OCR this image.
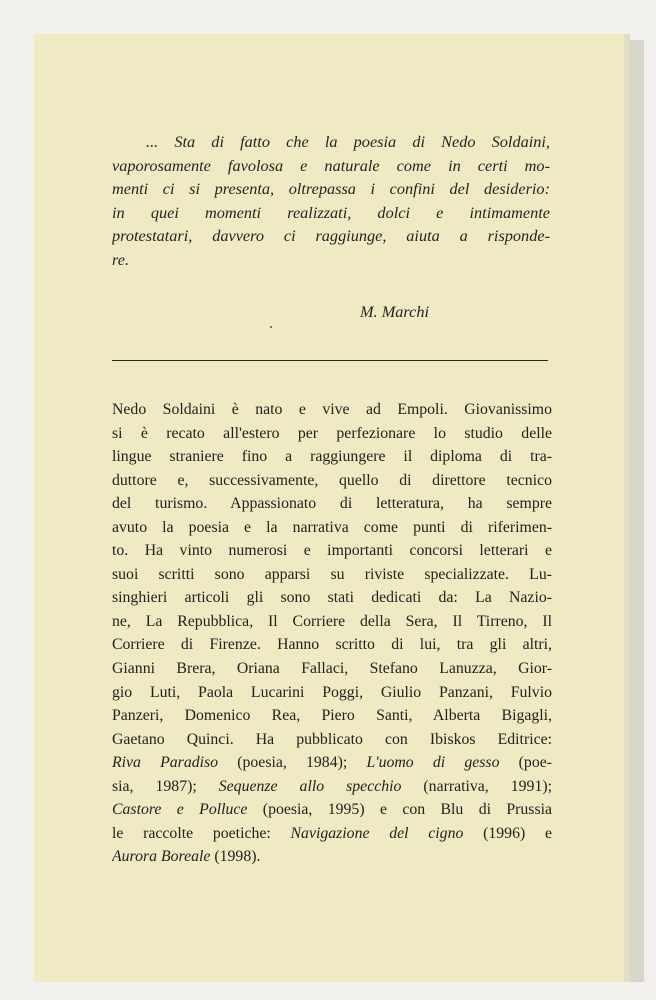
... Sta di fatto che la poesia di Nedo Soldaini,
vaporosamente favolosa e naturale come in certi mo-
menti ci si presenta, oltrepassa i confini del desiderio:
in quei momenti realizzati, dolci e intimamente
protestatari, davvero ci raggiunge, aiuta a risponde-
re.
M. Marchi
Nedo Soldaini è nato e vive ad Empoli. Giovanissimo
si è recato all'estero per perfezionare lo studio delle
lingue straniere fino a raggiungere il diploma di tra-
duttore e, successivamente, quello di direttore tecnico
del turismo. Appassionato di letteratura, ha sempre
avuto la poesia e la narrativa come punti di riferimen-
to. Ha vinto numerosi e importanti concorsi letterari e
suoi scritti sono apparsi su riviste specializzate. Lu-
singhieri articoli gli sono stati dedicati da: La Nazio-
ne, La Repubblica, Il Corriere della Sera, Il Tirreno, Il
Corriere di Firenze. Hanno scritto di lui, tra gli altri,
Gianni Brera, Oriana Fallaci, Stefano Lanuzza, Gior-
gio Luti, Paola Lucarini Poggi, Giulio Panzani, Fulvio
Panzeri, Domenico Rea, Piero Santi, Alberta Bigagli,
Gaetano Quinci. Ha pubblicato con Ibiskos Editrice:
Riva Paradiso (poesia, 1984); L'uomo di gesso (poe-
sia, 1987); Sequenze allo specchio (narrativa, 1991);
Castore e Polluce (poesia, 1995) e con Blu di Prussia
le raccolte poetiche: Navigazione del cigno (1996) e
Aurora Boreale (1998).
